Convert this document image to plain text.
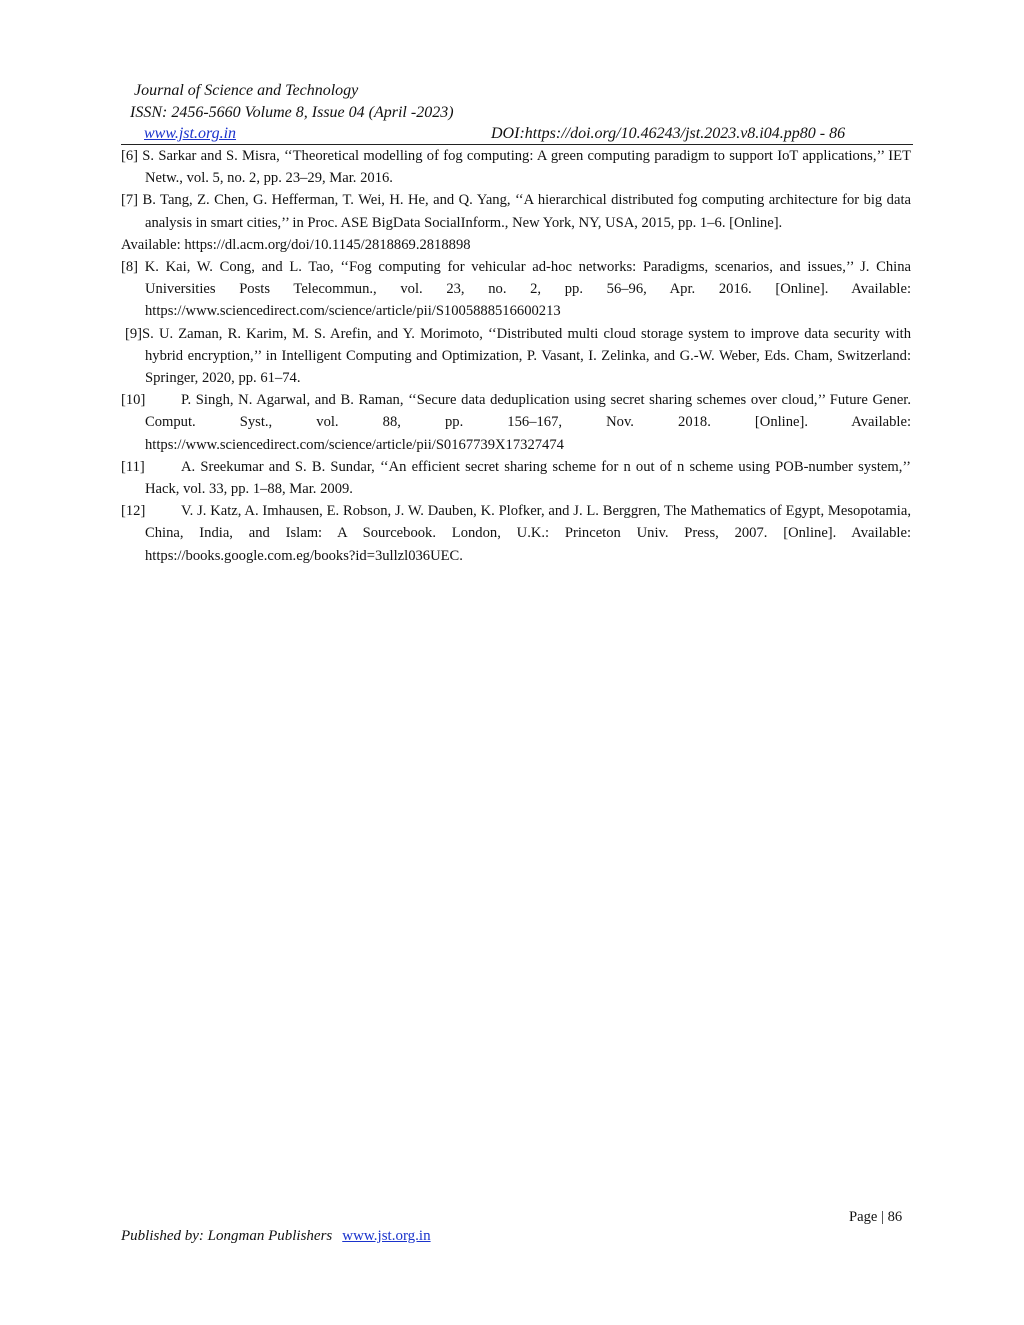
Journal of Science and Technology
ISSN: 2456-5660 Volume 8, Issue 04 (April -2023)
www.jst.org.in	DOI:https://doi.org/10.46243/jst.2023.v8.i04.pp80 - 86
[6] S. Sarkar and S. Misra, ‘‘Theoretical modelling of fog computing: A green computing paradigm to support IoT applications,’’ IET Netw., vol. 5, no. 2, pp. 23–29, Mar. 2016.
[7] B. Tang, Z. Chen, G. Hefferman, T. Wei, H. He, and Q. Yang, ‘‘A hierarchical distributed fog computing architecture for big data analysis in smart cities,’’ in Proc. ASE BigData SocialInform., New York, NY, USA, 2015, pp. 1–6. [Online].
Available: https://dl.acm.org/doi/10.1145/2818869.2818898
[8] K. Kai, W. Cong, and L. Tao, ‘‘Fog computing for vehicular ad-hoc networks: Paradigms, scenarios, and issues,’’ J. China Universities Posts Telecommun., vol. 23, no. 2, pp. 56–96, Apr. 2016. [Online]. Available: https://www.sciencedirect.com/science/article/pii/S1005888516600213
[9]S. U. Zaman, R. Karim, M. S. Arefin, and Y. Morimoto, ‘‘Distributed multi cloud storage system to improve data security with hybrid encryption,’’ in Intelligent Computing and Optimization, P. Vasant, I. Zelinka, and G.-W. Weber, Eds. Cham, Switzerland: Springer, 2020, pp. 61–74.
[10] P. Singh, N. Agarwal, and B. Raman, ‘‘Secure data deduplication using secret sharing schemes over cloud,’’ Future Gener. Comput. Syst., vol. 88, pp. 156–167, Nov. 2018. [Online]. Available: https://www.sciencedirect.com/science/article/pii/S0167739X17327474
[11] A. Sreekumar and S. B. Sundar, ‘‘An efficient secret sharing scheme for n out of n scheme using POB-number system,’’ Hack, vol. 33, pp. 1–88, Mar. 2009.
[12] V. J. Katz, A. Imhausen, E. Robson, J. W. Dauben, K. Plofker, and J. L. Berggren, The Mathematics of Egypt, Mesopotamia, China, India, and Islam: A Sourcebook. London, U.K.: Princeton Univ. Press, 2007. [Online]. Available: https://books.google.com.eg/books?id=3ullzl036UEC.
Page | 86
Published by: Longman Publishers www.jst.org.in
